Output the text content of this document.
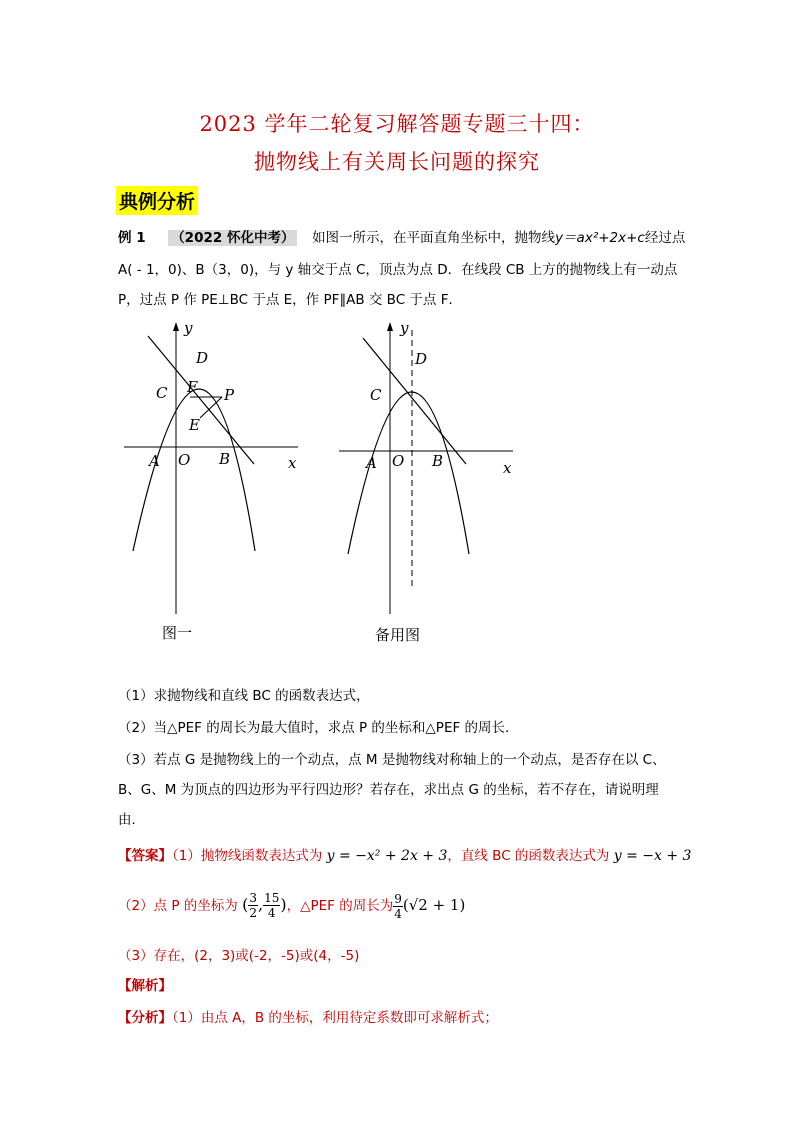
2023 学年二轮复习解答题专题三十四：
抛物线上有关周长问题的探究
典例分析
例 1 （2022 怀化中考） 如图一所示，在平面直角坐标中，抛物线y＝ax²+2x+c经过点
A( - 1，0)、B（3，0)，与 y 轴交于点 C，顶点为点 D．在线段 CB 上方的抛物线上有一动点
P，过点 P 作 PE⊥BC 于点 E，作 PF∥AB 交 BC 于点 F．
y
x
O
A	B
C
D
F P
E
y
x
O
A	B
C
D
图一	备用图
（1）求抛物线和直线 BC 的函数表达式，
（2）当△PEF 的周长为最大值时，求点 P 的坐标和△PEF 的周长．
（3）若点 G 是抛物线上的一个动点，点 M 是抛物线对称轴上的一个动点，是否存在以 C、
B、G、M 为顶点的四边形为平行四边形？若存在，求出点 G 的坐标，若不存在，请说明理
由．
【答案】（1）抛物线函数表达式为 y = −x² + 2x + 3，直线 BC 的函数表达式为 y = −x + 3
（2）点 P 的坐标为 ( $\frac{3}{2}$ , $\frac{15}{4}$ )，△PEF 的周长为 $\frac{9}{4} (√2 + 1)$
（3）存在，(2，3)或(-2，-5)或(4，-5)
【解析】
【分析】（1）由点 A，B 的坐标，利用待定系数即可求解析式；
